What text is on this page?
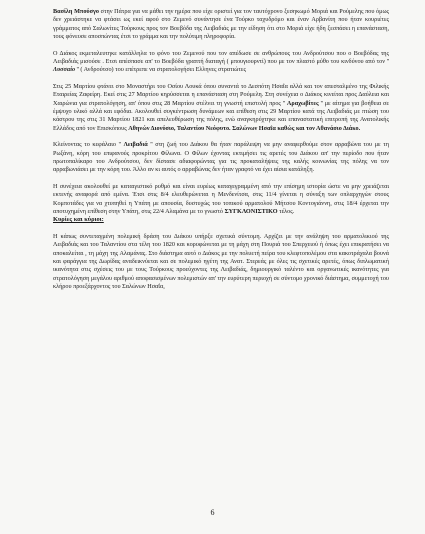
Βασίλη Μπούσγο στην Πάτρα για να μάθει την ημέρα που είχε οριστεί για τον ταυτόχρονο ξεσηκωμό Μοριά και Ρούμελης που όμως δεν χρειάστηκε να φτάσει ως εκεί αφού στο Ζεμενό συνάντησε ένα Τούρκο ταχυδρόμο και έναν Αρβανίτη που ήταν κουριέτες γράμματος από Σαλωνίτες Τούρκους προς τον Βοεβόδα της Λειβαδιάς με την είδηση ότι στο Μοριά είχε ήδη ξεσπάσει η επανάσταση, τους φόνευσε αποσπώντας έτσι το γράμμα και την πολύτιμη πληροφορία.

Ο Διάκος εκμεταλευτηκε κατάλληλα το φόνο του Ζεμενού που τον απέδωσε σε ανθρώπους του Ανδρούτσου που ο Βοεβόδας της Λειβαδιάς μισούσε . Ετσι απέσπασε απ' το Βοεβόδα γραπτή διαταγή ( μπουγιουρντί) που με τον πλαστό μύθο του κινδύνου από τον '' Λυσσαίο '' ( Ανδρούτσο) του επέτρεπε να στρατολογήσει Ελληνες στρατιώτες

Στις 25 Μαρτίου φτάνει στο Μοναστήρι του Οσίου Λουκά όπου συναντά το Δεσπότη Ησαΐα αλλά και τον απεσταλμένο της Φιλικής Εταιρείας Ζαφείρη. Εκεί στις 27 Μαρτίου κηρύσσεται η επανάσταση στη Ρούμελη. Στη συνέχεια ο Διάκος κινείται προς Δαύλεια και Χαιρώνια για στρατολόγηση, απ' όπου στις 28 Μαρτίου στέλνει τη γνωστή επιστολή προς '' Αραχωβίτες '' με αίτημα για βοήθεια σε έμψυχο υλικό αλλά και εφόδια. Ακολουθεί συγκέντρωση δυνάμεων και επίθεση στις 29 Μαρτίου κατά της Λειβαδιάς με πτώση του κάστρου της στις 31 Μαρτίου 1821 και απελευθέρωση της πόλης, ενώ αναγκηρύχτηκε και επαναστατική επιτροπή της Ανατολικής Ελλάδος από τον Επισκόπους Αθηνών Διονύσιο, Ταλαντίου Νεόφυτο. Σαλώνων Ησαΐα καθώς και τον Αθανάσιο Διάκο.

Κλείνοντας το κεφάλαιο '' Λειβαδιά '' στη ζωή του Διάκου θα ήταν παράλειψη να μην αναφερθούμε στον αρραβώνα του με τη Ρωξάνη, κόρη του επιφανούς προκρίτου Φίλωνα. Ο Φίλων έχοντας εκτιμήσει τις αρετές του Διάκου απ' την περίοδο που ήταν πρωτοπαλίκαρο του Ανδρούτσου, δεν δίστασε αδιαφορώντας για τις προκαταλήψεις της καλής κοινωνίας της πόλης να τον αρραβωνιάσει με την κόρη του. Άλλο αν κι αυτός ο αρραβώνας δεν ήταν γραφτό να έχει αίσια κατάληξη.

Η συνέχεια ακολουθεί με καταιγιστικό ρυθμό και είναι ευρέως καταγεγραμμένη από την επίσημη ιστορία ώστε να μην χρειάζεται εκτενής αναφορά από εμένα. Έτσι στις 8/4 ελευθερώνεται η Μενδενίτσα, στις 11/4 γίνεται η σύναξη των οπλαρχηγών στους Κομποτάδες για να χτυπηθεί η Υπάτη με απουσία, δυστυχώς του τοπικού αρματολού Μήτσου Κοντογιάννη, στις 18/4 έρχεται την αποτυχημένη επίθεση στην Υπάτη, στις 22/4 Αλαμάνα με το γνωστό ΣΥΓΚΛΟΝΙΣΤΙΚΟ τέλος.

Κυρίες και κύριοι:

Η κάπως συντεταγμένη πολεμική δράση του Διάκου υπήρξε σχετικά σύντομη. Αρχίζει με την ανάληψη του αρματολικιού της Λειβαδιάς και του Ταλαντίου στα τέλη του 1820 και κορυφώνεται με τη μάχη στη Πουριά του Σπερχειού ή όπως έχει επικρατήσει να αποκαλείται , τη μάχη της Αλαμάνας. Στο διάστημα αυτό ο Διάκος με την πολυετή πείρα του κλεφτοπολέμου στα κακοτράχαλα βουνά και φαράγγια της Δωρίδας αναδεικνύεται και σε πολεμικό ηγέτη της Ανατ. Στερεάς με όλες τις σχετικές αρετές, όπως διπλωματική ικανότητα στις σχέσεις του με τους Τούρκους προεύχοντες της Λειβαδιάς, δημιουργικό ταλέντο και οργανωτικές ικανότητες για στρατολόγηση μεγάλου αριθμού αποφασισμένων πολεμιστών απ' την ευρύτερη περιοχή σε σύντομο χρονικό διάστημα, συμμετοχή του κλήρου προεξάρχοντος του Σαλώνων Ησαΐα,

6
